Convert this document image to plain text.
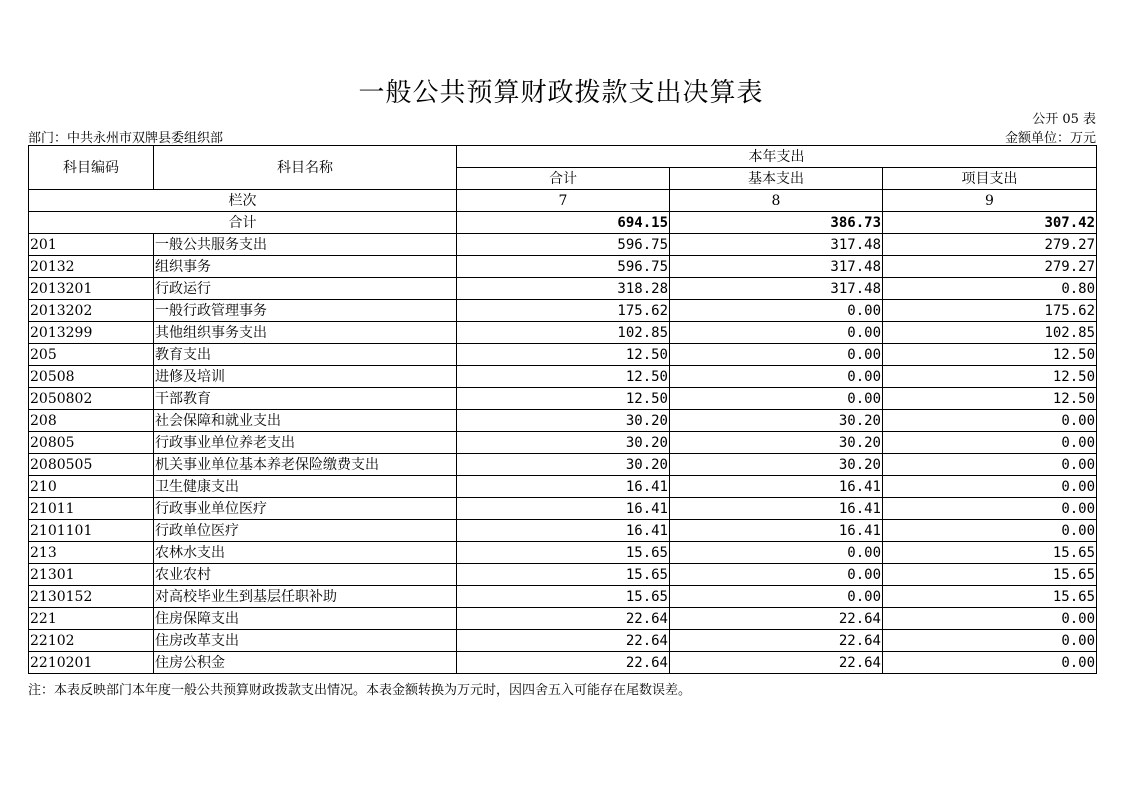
一般公共预算财政拨款支出决算表
公开 05 表
部门：中共永州市双牌县委组织部	金额单位：万元
科目编码	科目名称	本年支出		
		合计	基本支出	项目支出
栏次		7	8	9
合计		694.15	386.73	307.42
201	一般公共服务支出	596.75	317.48	279.27
20132	组织事务	596.75	317.48	279.27
2013201	行政运行	318.28	317.48	0.80
2013202	一般行政管理事务	175.62	0.00	175.62
2013299	其他组织事务支出	102.85	0.00	102.85
205	教育支出	12.50	0.00	12.50
20508	进修及培训	12.50	0.00	12.50
2050802	干部教育	12.50	0.00	12.50
208	社会保障和就业支出	30.20	30.20	0.00
20805	行政事业单位养老支出	30.20	30.20	0.00
2080505	机关事业单位基本养老保险缴费支出	30.20	30.20	0.00
210	卫生健康支出	16.41	16.41	0.00
21011	行政事业单位医疗	16.41	16.41	0.00
2101101	行政单位医疗	16.41	16.41	0.00
213	农林水支出	15.65	0.00	15.65
21301	农业农村	15.65	0.00	15.65
2130152	对高校毕业生到基层任职补助	15.65	0.00	15.65
221	住房保障支出	22.64	22.64	0.00
22102	住房改革支出	22.64	22.64	0.00
2210201	住房公积金	22.64	22.64	0.00
注：本表反映部门本年度一般公共预算财政拨款支出情况。本表金额转换为万元时，因四舍五入可能存在尾数误差。
